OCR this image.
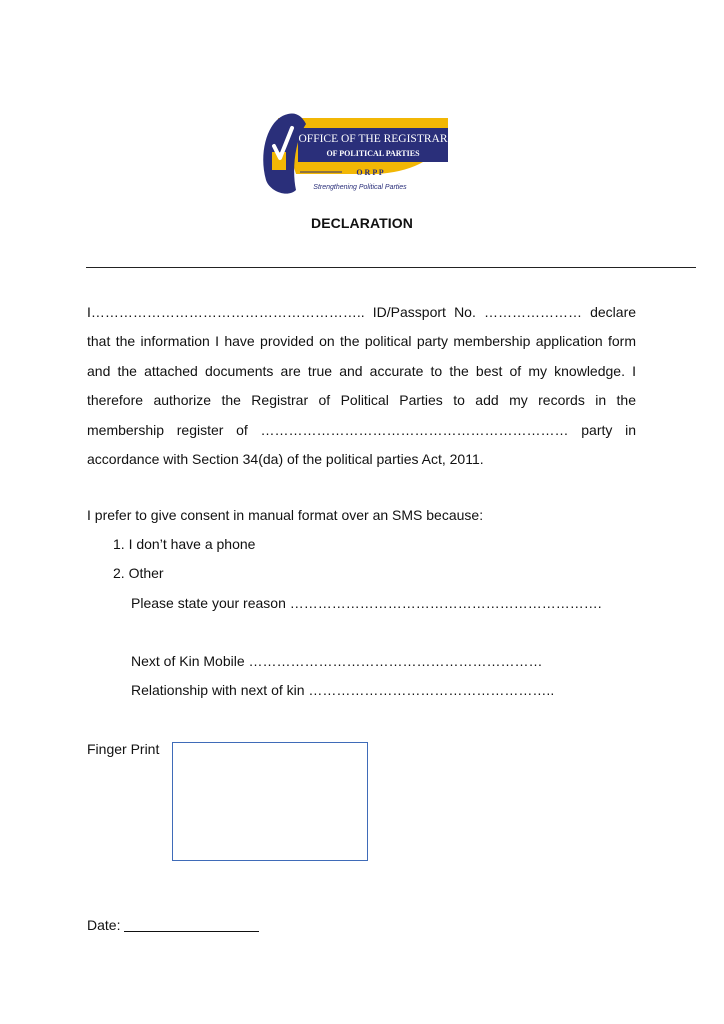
OFFICE OF THE REGISTRAR
OF POLITICAL PARTIES
O R P P
Strengthening Political Parties
DECLARATION
I………………………………………………….. ID/Passport No. ………………… declare
that the information I have provided on the political party membership application form
and the attached documents are true and accurate to the best of my knowledge. I
therefore authorize the Registrar of Political Parties to add my records in the
membership register of ………………………………………………………… party in
accordance with Section 34(da) of the political parties Act, 2011.
I prefer to give consent in manual format over an SMS because:
1. I don’t have a phone
2. Other
Please state your reason ………………………………………………………….
Next of Kin Mobile ………………………………………………………
Relationship with next of kin ……………………………………………..
Finger Print
Date:
